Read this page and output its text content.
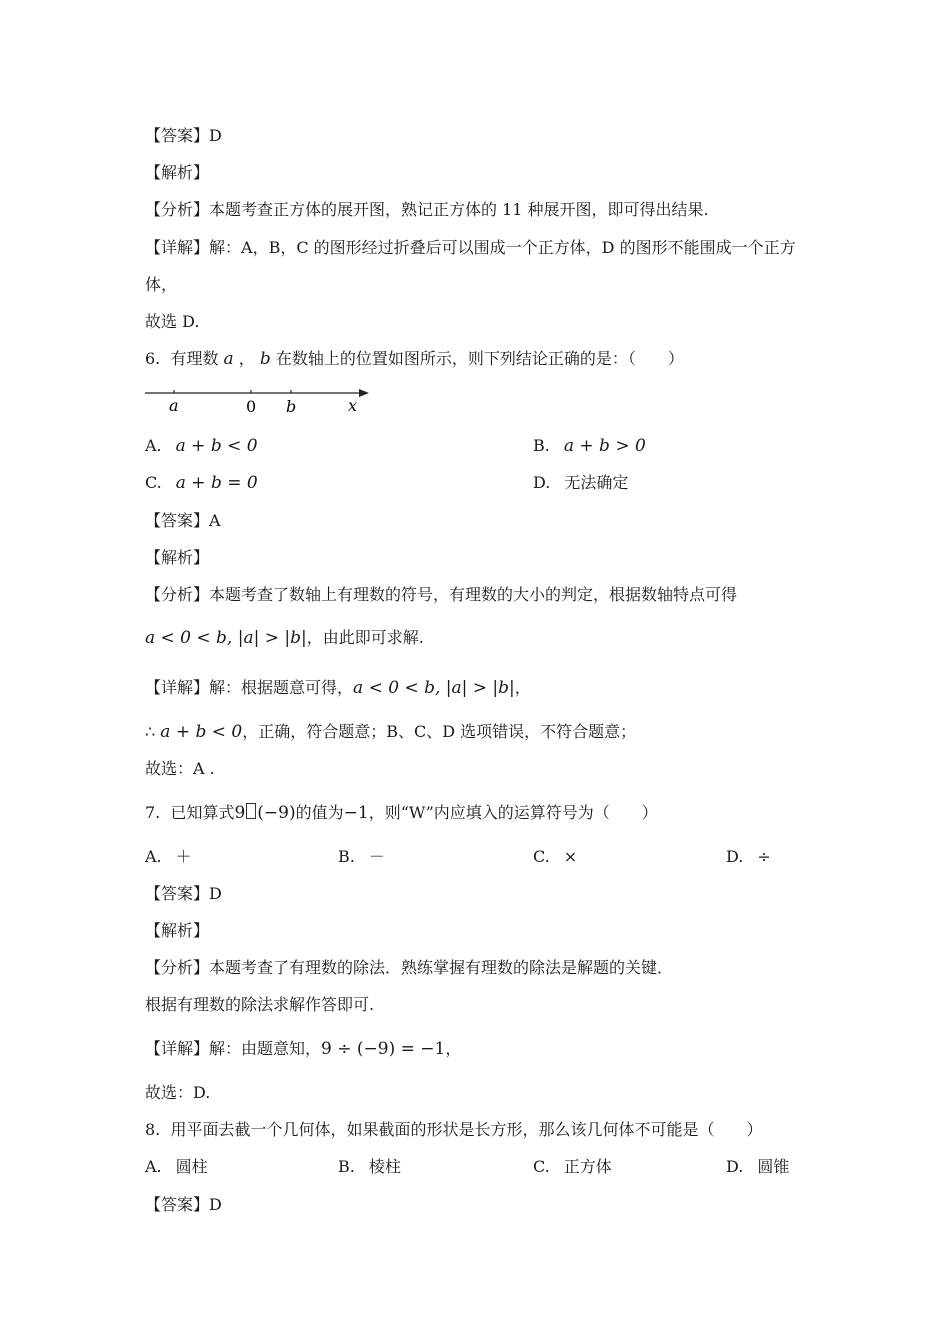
【答案】D
【解析】
【分析】本题考查正方体的展开图，熟记正方体的 11 种展开图，即可得出结果.
【详解】解：A，B，C 的图形经过折叠后可以围成一个正方体，D 的图形不能围成一个正方
体，
故选 D.
6. 有理数 a ， b 在数轴上的位置如图所示，则下列结论正确的是：（　　）
a	0 b	x
A. a + b < 0	B. a + b > 0
C. a + b = 0	D. 无法确定
【答案】A
【解析】
【分析】本题考查了数轴上有理数的符号，有理数的大小的判定，根据数轴特点可得
a < 0 < b, |a| > |b|，由此即可求解.
【详解】解：根据题意可得，a < 0 < b, |a| > |b|，
∴ a + b < 0，正确，符合题意；B、C、D 选项错误，不符合题意；
故选：A .
7. 已知算式9 (−9)的值为−1，则“W”内应填入的运算符号为（　　）
A. ＋	B. －	C. ×	D. ÷
【答案】D
【解析】
【分析】本题考查了有理数的除法．熟练掌握有理数的除法是解题的关键．
根据有理数的除法求解作答即可.
【详解】解：由题意知，9 ÷ (−9) = −1，
故选：D.
8. 用平面去截一个几何体，如果截面的形状是长方形，那么该几何体不可能是（　　）
A. 圆柱	B. 棱柱	C. 正方体	D. 圆锥
【答案】D
